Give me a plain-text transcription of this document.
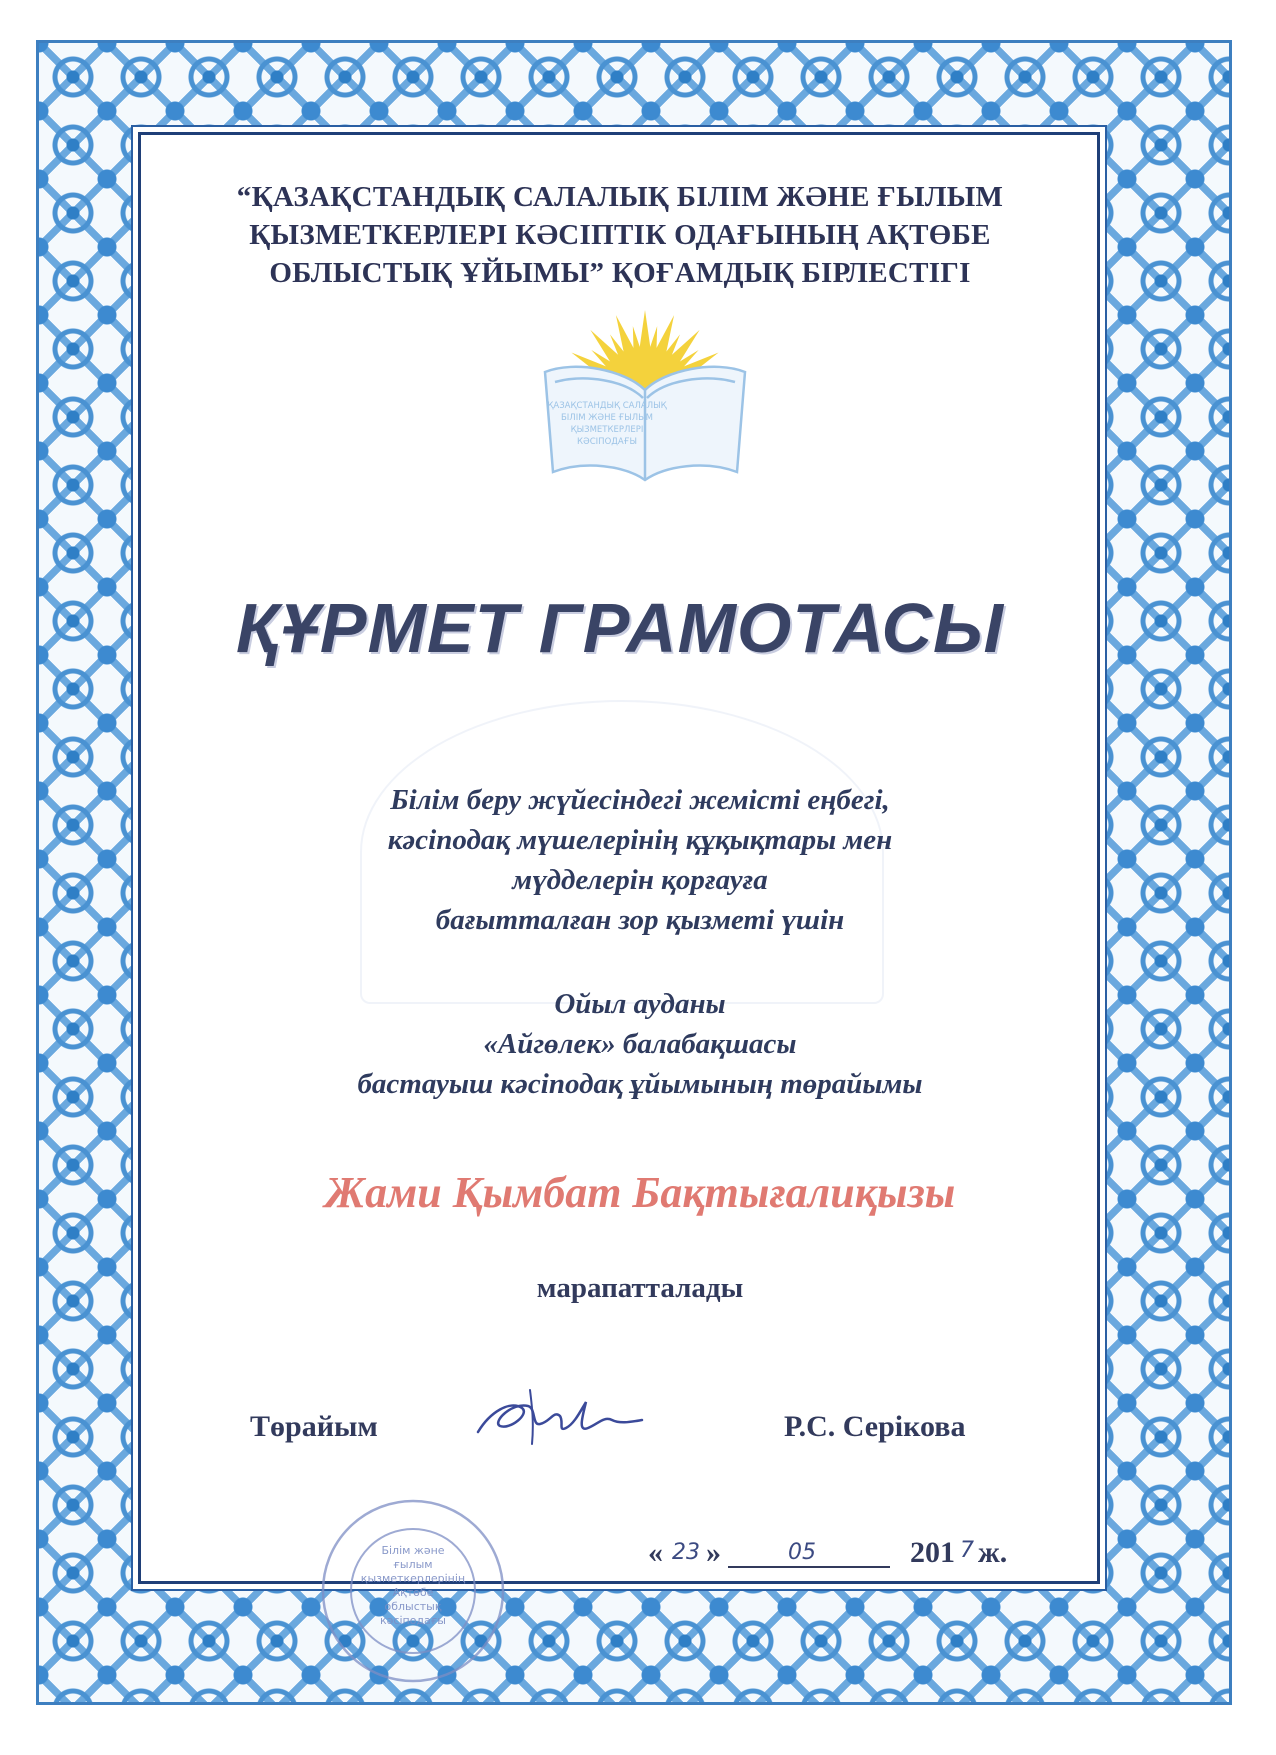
“ҚАЗАҚСТАНДЫҚ САЛАЛЫҚ БІЛІМ ЖӘНЕ ҒЫЛЫМ
ҚЫЗМЕТКЕРЛЕРІ КӘСІПТІК ОДАҒЫНЫҢ АҚТӨБЕ
ОБЛЫСТЫҚ ҰЙЫМЫ” ҚОҒАМДЫҚ БІРЛЕСТІГІ
ҚАЗАҚСТАНДЫҚ САЛАЛЫҚ
БІЛІМ ЖӘНЕ ҒЫЛЫМ
ҚЫЗМЕТКЕРЛЕРІ
КӘСІПОДАҒЫ
ҚҰРМЕТ ГРАМОТАСЫ
Білім беру жүйесіндегі жемісті еңбегі,
кәсіподақ мүшелерінің құқықтары мен
мүдделерін қорғауға
бағытталған зор қызметі үшін
Ойыл ауданы
«Айгөлек» балабақшасы
бастауыш кәсіподақ ұйымының төрайымы
Жами Қымбат Бақтығалиқызы
марапатталады
Төрайым	Р.С. Серікова
Білім және
ғылым
қызметкерлерінің
Ақтөбе
облыстық
кәсіподағы
« 23 »	05	201 7 ж.
